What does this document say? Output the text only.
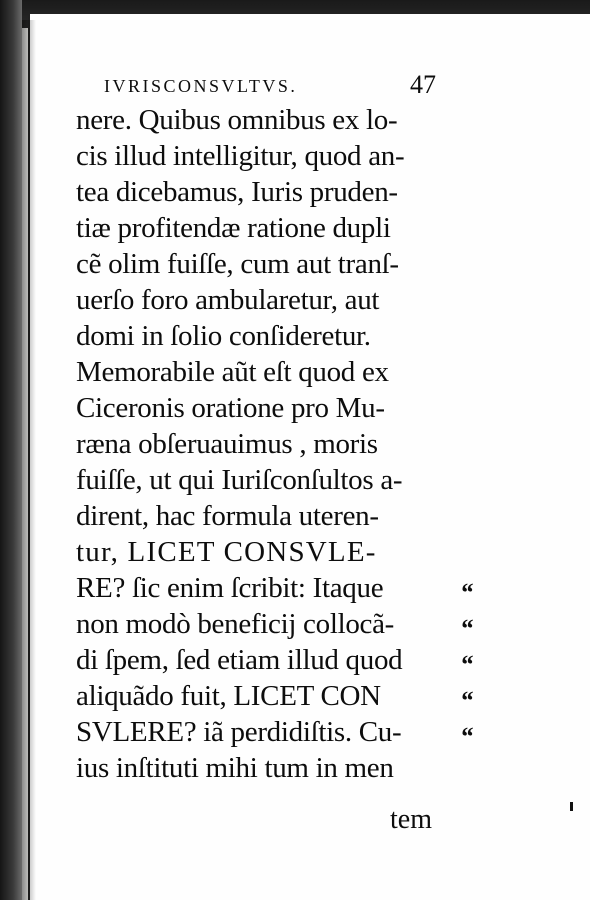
IVRISCONSVLTVS.	47
nere. Quibus omnibus ex lo-
cis illud intelligitur, quod an-
tea dicebamus, Iuris pruden-
tiæ profitendæ ratione dupli
cẽ olim fuiſſe, cum aut tranſ-
uerſo foro ambularetur, aut
domi in ſolio conſideretur.
Memorabile aũt eſt quod ex
Ciceronis oratione pro Mu-
ræna obſeruauimus , moris
fuiſſe, ut qui Iuriſconſultos a-
dirent, hac formula uteren-
tur, LICET CONSVLE-
RE? ſic enim ſcribit: Itaque
non modò beneficij collocã-
di ſpem, ſed etiam illud quod
aliquãdo fuit, LICET CON
SVLERE? iã perdidiſtis. Cu-
ius inſtituti mihi tum in men
“
“
“
“
“
tem
